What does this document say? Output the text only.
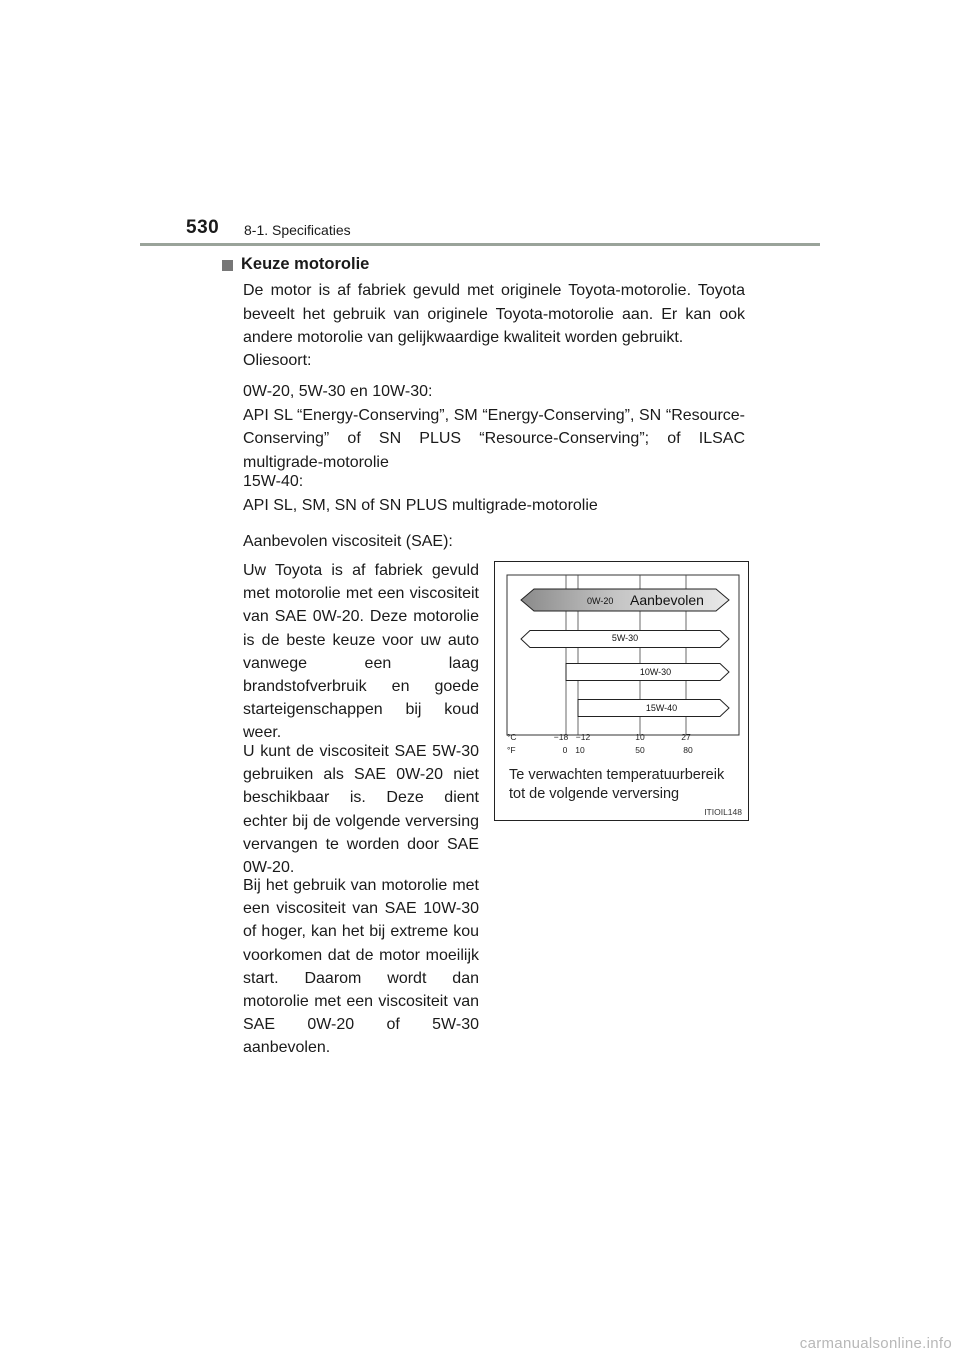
530 8-1. Specificaties
Keuze motorolie

De motor is af fabriek gevuld met originele Toyota-motorolie. Toyota beveelt het gebruik van originele Toyota-motorolie aan. Er kan ook andere motorolie van gelijkwaardige kwaliteit worden gebruikt.

Oliesoort:
0W-20, 5W-30 en 10W-30:

API SL “Energy-Conserving”, SM “Energy-Conserving”, SN “Resource-Conserving” of SN PLUS “Resource-Conserving”; of ILSAC multigrade-motorolie

15W-40:
API SL, SM, SN of SN PLUS multigrade-motorolie
Aanbevolen viscositeit (SAE):

Uw Toyota is af fabriek gevuld met motorolie met een viscositeit van SAE 0W-20. Deze motorolie is de beste keuze voor uw auto vanwege een laag brandstofverbruik en goede starteigenschappen bij koud weer.

U kunt de viscositeit SAE 5W-30 gebruiken als SAE 0W-20 niet beschikbaar is. Deze dient echter bij de volgende verversing vervangen te worden door SAE 0W-20.

Bij het gebruik van motorolie met een viscositeit van SAE 10W-30 of hoger, kan het bij extreme kou voorkomen dat de motor moeilijk start. Daarom wordt dan motorolie met een viscositeit van SAE 0W-20 of 5W-30 aanbevolen.

0W-20 Aanbevolen
5W-30
10W-30
15W-40
°C
°F
−18 −12	10	27
0 10	50	80
Te verwachten temperatuurbereik tot de volgende verversing
ITIOIL148
carmanualsonline.info
